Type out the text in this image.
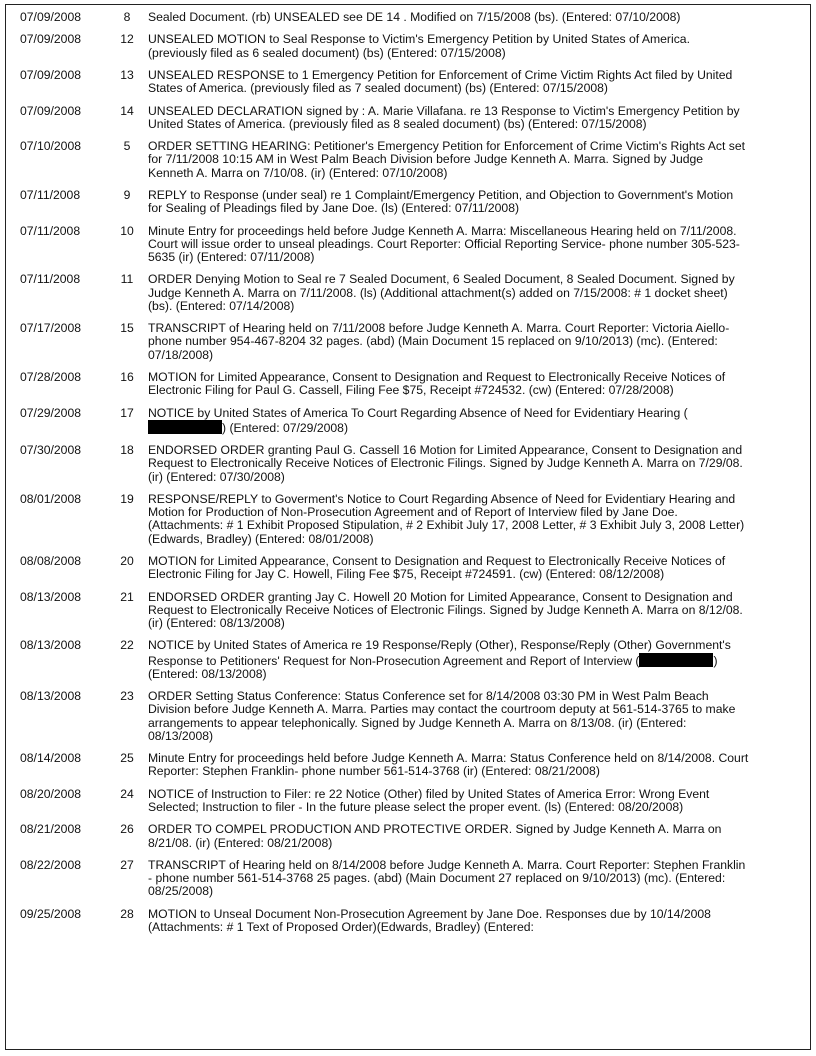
07/09/2008	8	Sealed Document. (rb) UNSEALED see DE 14 . Modified on 7/15/2008 (bs). (Entered: 07/10/2008)
07/09/2008	12	UNSEALED MOTION to Seal Response to Victim's Emergency Petition by United States of America. (previously filed as 6 sealed document) (bs) (Entered: 07/15/2008)
07/09/2008	13	UNSEALED RESPONSE to 1 Emergency Petition for Enforcement of Crime Victim Rights Act filed by United States of America. (previously filed as 7 sealed document) (bs) (Entered: 07/15/2008)
07/09/2008	14	UNSEALED DECLARATION signed by : A. Marie Villafana. re 13 Response to Victim's Emergency Petition by United States of America. (previously filed as 8 sealed document) (bs) (Entered: 07/15/2008)
07/10/2008	5	ORDER SETTING HEARING: Petitioner's Emergency Petition for Enforcement of Crime Victim's Rights Act set for 7/11/2008 10:15 AM in West Palm Beach Division before Judge Kenneth A. Marra. Signed by Judge Kenneth A. Marra on 7/10/08. (ir) (Entered: 07/10/2008)
07/11/2008	9	REPLY to Response (under seal) re 1 Complaint/Emergency Petition, and Objection to Government's Motion for Sealing of Pleadings filed by Jane Doe. (ls) (Entered: 07/11/2008)
07/11/2008	10	Minute Entry for proceedings held before Judge Kenneth A. Marra: Miscellaneous Hearing held on 7/11/2008. Court will issue order to unseal pleadings. Court Reporter: Official Reporting Service- phone number 305-523-5635 (ir) (Entered: 07/11/2008)
07/11/2008	11	ORDER Denying Motion to Seal re 7 Sealed Document, 6 Sealed Document, 8 Sealed Document. Signed by Judge Kenneth A. Marra on 7/11/2008. (ls) (Additional attachment(s) added on 7/15/2008: # 1 docket sheet) (bs). (Entered: 07/14/2008)
07/17/2008	15	TRANSCRIPT of Hearing held on 7/11/2008 before Judge Kenneth A. Marra. Court Reporter: Victoria Aiello- phone number 954-467-8204 32 pages. (abd) (Main Document 15 replaced on 9/10/2013) (mc). (Entered: 07/18/2008)
07/28/2008	16	MOTION for Limited Appearance, Consent to Designation and Request to Electronically Receive Notices of Electronic Filing for Paul G. Cassell, Filing Fee $75, Receipt #724532. (cw) (Entered: 07/28/2008)
07/29/2008	17	NOTICE by United States of America To Court Regarding Absence of Need for Evidentiary Hearing () (Entered: 07/29/2008)
07/30/2008	18	ENDORSED ORDER granting Paul G. Cassell 16 Motion for Limited Appearance, Consent to Designation and Request to Electronically Receive Notices of Electronic Filings. Signed by Judge Kenneth A. Marra on 7/29/08. (ir) (Entered: 07/30/2008)
08/01/2008	19	RESPONSE/REPLY to Goverment's Notice to Court Regarding Absence of Need for Evidentiary Hearing and Motion for Production of Non-Prosecution Agreement and of Report of Interview filed by Jane Doe. (Attachments: # 1 Exhibit Proposed Stipulation, # 2 Exhibit July 17, 2008 Letter, # 3 Exhibit July 3, 2008 Letter)(Edwards, Bradley) (Entered: 08/01/2008)
08/08/2008	20	MOTION for Limited Appearance, Consent to Designation and Request to Electronically Receive Notices of Electronic Filing for Jay C. Howell, Filing Fee $75, Receipt #724591. (cw) (Entered: 08/12/2008)
08/13/2008	21	ENDORSED ORDER granting Jay C. Howell 20 Motion for Limited Appearance, Consent to Designation and Request to Electronically Receive Notices of Electronic Filings. Signed by Judge Kenneth A. Marra on 8/12/08. (ir) (Entered: 08/13/2008)
08/13/2008	22	NOTICE by United States of America re 19 Response/Reply (Other), Response/Reply (Other) Government's Response to Petitioners' Request for Non-Prosecution Agreement and Report of Interview ( ) (Entered: 08/13/2008)
08/13/2008	23	ORDER Setting Status Conference: Status Conference set for 8/14/2008 03:30 PM in West Palm Beach Division before Judge Kenneth A. Marra. Parties may contact the courtroom deputy at 561-514-3765 to make arrangements to appear telephonically. Signed by Judge Kenneth A. Marra on 8/13/08. (ir) (Entered: 08/13/2008)
08/14/2008	25	Minute Entry for proceedings held before Judge Kenneth A. Marra: Status Conference held on 8/14/2008. Court Reporter: Stephen Franklin- phone number 561-514-3768 (ir) (Entered: 08/21/2008)
08/20/2008	24	NOTICE of Instruction to Filer: re 22 Notice (Other) filed by United States of America Error: Wrong Event Selected; Instruction to filer - In the future please select the proper event. (ls) (Entered: 08/20/2008)
08/21/2008	26	ORDER TO COMPEL PRODUCTION AND PROTECTIVE ORDER. Signed by Judge Kenneth A. Marra on 8/21/08. (ir) (Entered: 08/21/2008)
08/22/2008	27	TRANSCRIPT of Hearing held on 8/14/2008 before Judge Kenneth A. Marra. Court Reporter: Stephen Franklin - phone number 561-514-3768 25 pages. (abd) (Main Document 27 replaced on 9/10/2013) (mc). (Entered: 08/25/2008)
09/25/2008	28	MOTION to Unseal Document Non-Prosecution Agreement by Jane Doe. Responses due by 10/14/2008 (Attachments: # 1 Text of Proposed Order)(Edwards, Bradley) (Entered:
